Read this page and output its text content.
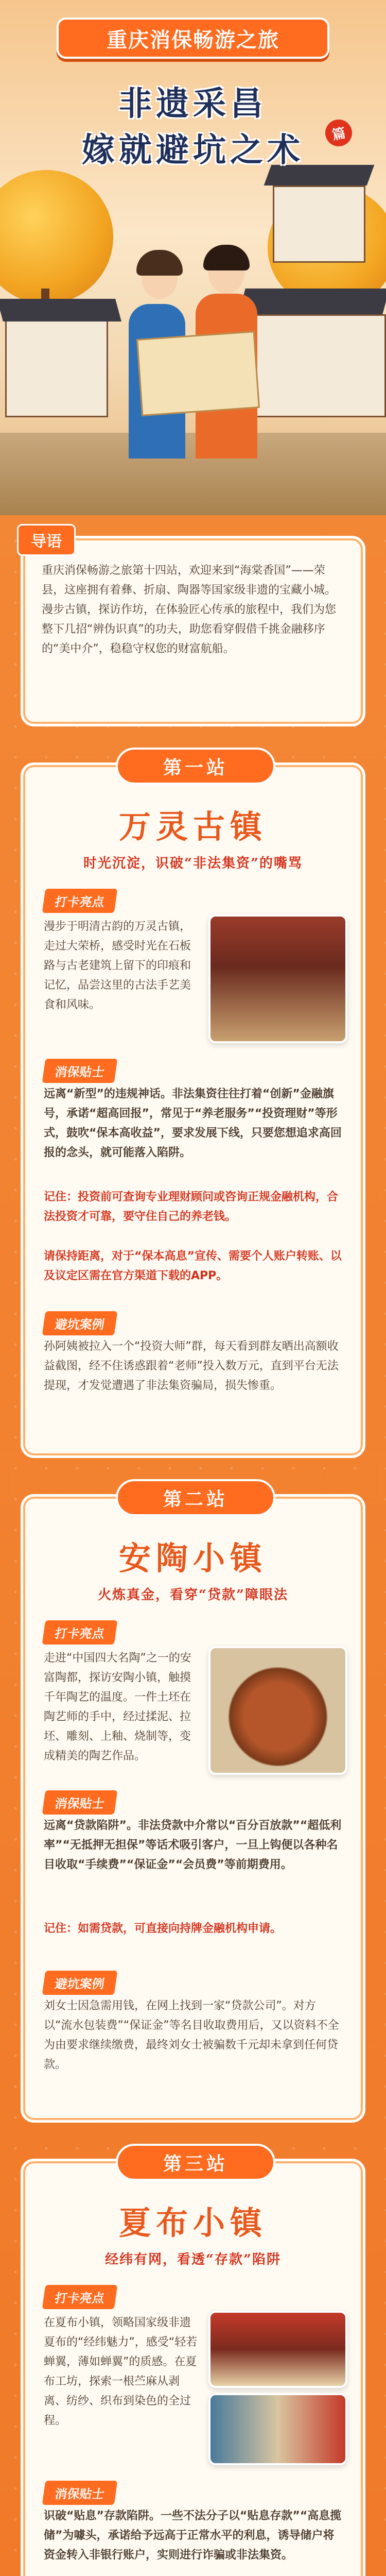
重庆消保畅游之旅
非遗采昌
嫁就避坑之术	篇
导语
重庆消保畅游之旅第十四站，欢迎来到“海棠香国”——荣县，这座拥有着彝、折扇、陶器等国家级非遗的宝藏小城。漫步古镇，探访作坊，在体验匠心传承的旅程中，我们为您整下几招“辨伪识真”的功夫，助您看穿假借千挑金融移序的“美中介”，稳稳守权您的财富航船。
第一站
万灵古镇
时光沉淀，识破“非法集资”的嘴骂
打卡亮点
漫步于明清古韵的万灵古镇，走过大荣桥，感受时光在石板路与古老建筑上留下的印痕和记忆，品尝这里的古法手艺美食和风味。
消保贴士
远离“新型”的违规神话。非法集资往往打着“创新”金融旗号，承诺“超高回报”，常见于“养老服务”“投资理财”等形式，鼓吹“保本高收益”，要求发展下线，只要您想追求高回报的念头，就可能落入陷阱。
记住：投资前可查询专业理财顾问或咨询正规金融机构，合法投资才可靠，要守住自己的养老钱。
请保持距离，对于“保本高息”宣传、需要个人账户转账、以及议定区需在官方渠道下载的APP。
避坑案例
孙阿姨被拉入一个“投资大师”群，每天看到群友晒出高额收益截图，经不住诱惑跟着“老师”投入数万元，直到平台无法提现，才发觉遭遇了非法集资骗局，损失惨重。
第二站
安陶小镇
火炼真金，看穿“贷款”障眼法
打卡亮点
走进“中国四大名陶”之一的安富陶都，探访安陶小镇，触摸千年陶艺的温度。一件土坯在陶艺师的手中，经过揉泥、拉坯、雕刻、上釉、烧制等，变成精美的陶艺作品。
消保贴士
远离“贷款陷阱”。非法贷款中介常以“百分百放款”“超低利率”“无抵押无担保”等话术吸引客户，一旦上钩便以各种名目收取“手续费”“保证金”“会员费”等前期费用。
记住：如需贷款，可直接向持牌金融机构申请。
避坑案例
刘女士因急需用钱，在网上找到一家“贷款公司”。对方以“流水包装费”“保证金”等名目收取费用后，又以资料不全为由要求继续缴费，最终刘女士被骗数千元却未拿到任何贷款。
第三站
夏布小镇
经纬有网，看透“存款”陷阱
打卡亮点
在夏布小镇，领略国家级非遗夏布的“经纬魅力”，感受“轻若蝉翼，薄如蝉翼”的质感。在夏布工坊，探索一根苎麻从剥离、纺纱、织布到染色的全过程。
消保贴士
识破“贴息”存款陷阱。一些不法分子以“贴息存款”“高息揽储”为噱头，承诺给予远高于正常水平的利息，诱导储户将资金转入非银行账户，实则进行诈骗或非法集资。
